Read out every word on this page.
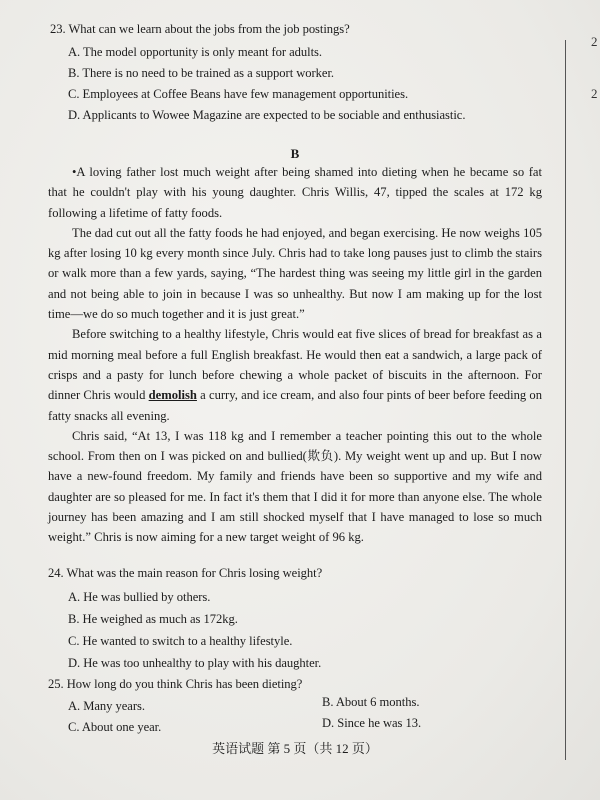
2
2
23. What can we learn about the jobs from the job postings?
A. The model opportunity is only meant for adults.
B. There is no need to be trained as a support worker.
C. Employees at Coffee Beans have few management opportunities.
D. Applicants to Wowee Magazine are expected to be sociable and enthusiastic.
B

•A loving father lost much weight after being shamed into dieting when he became so fat that he couldn't play with his young daughter. Chris Willis, 47, tipped the scales at 172 kg following a lifetime of fatty foods.

The dad cut out all the fatty foods he had enjoyed, and began exercising. He now weighs 105 kg after losing 10 kg every month since July. Chris had to take long pauses just to climb the stairs or walk more than a few yards, saying, “The hardest thing was seeing my little girl in the garden and not being able to join in because I was so unhealthy. But now I am making up for the lost time—we do so much together and it is just great.”

Before switching to a healthy lifestyle, Chris would eat five slices of bread for breakfast as a mid morning meal before a full English breakfast. He would then eat a sandwich, a large pack of crisps and a pasty for lunch before chewing a whole packet of biscuits in the afternoon. For dinner Chris would demolish a curry, and ice cream, and also four pints of beer before feeding on fatty snacks all evening.

Chris said, “At 13, I was 118 kg and I remember a teacher pointing this out to the whole school. From then on I was picked on and bullied(欺负). My weight went up and up. But I now have a new-found freedom. My family and friends have been so supportive and my wife and daughter are so pleased for me. In fact it's them that I did it for more than anyone else. The whole journey has been amazing and I am still shocked myself that I have managed to lose so much weight.” Chris is now aiming for a new target weight of 96 kg.

24. What was the main reason for Chris losing weight?
A. He was bullied by others.
B. He weighed as much as 172kg.
C. He wanted to switch to a healthy lifestyle.
D. He was too unhealthy to play with his daughter.
25. How long do you think Chris has been dieting?
A. Many years.	B. About 6 months.
C. About one year.	D. Since he was 13.
英语试题 第 5 页（共 12 页）
